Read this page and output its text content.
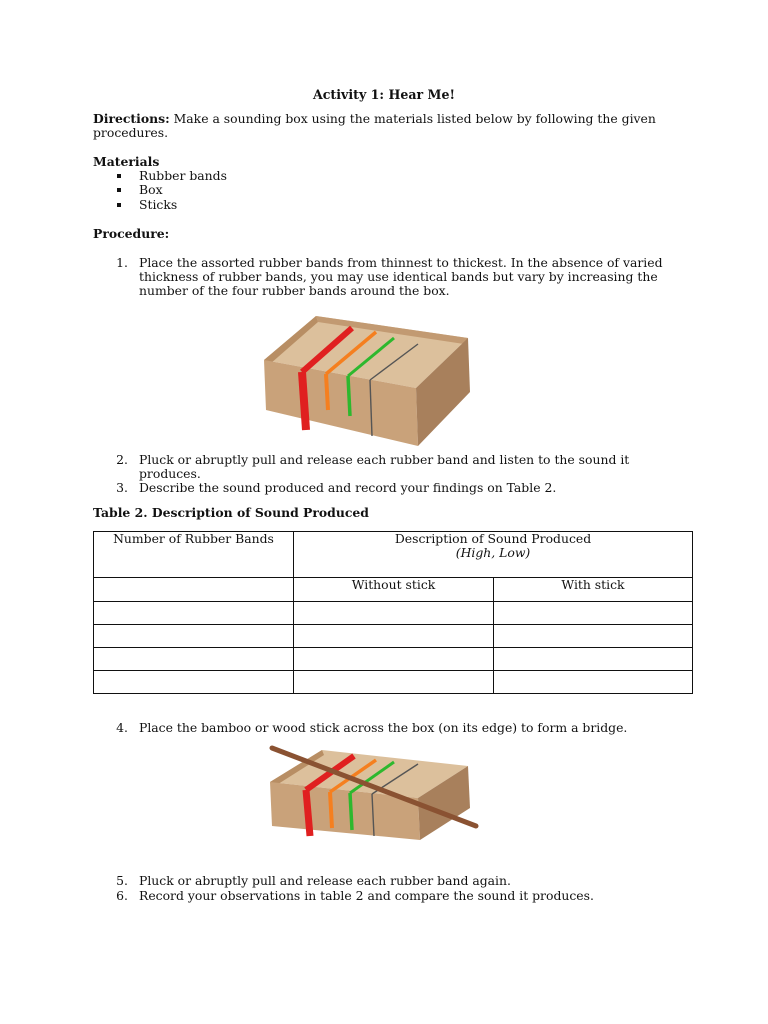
Activity 1: Hear Me!
Directions: Make a sounding box using the materials listed below by following the given
procedures.
Materials
Rubber bands
Box
Sticks
Procedure:
1. Place the assorted rubber bands from thinnest to thickest. In the absence of varied
thickness of rubber bands, you may use identical bands but vary by increasing the
number of the four rubber bands around the box.
2. Pluck or abruptly pull and release each rubber band and listen to the sound it
produces.
3. Describe the sound produced and record your findings on Table 2.
Table 2. Description of Sound Produced
Number of Rubber Bands	Description of Sound Produced
(High, Low)	

	Without stick	With stick

4. Place the bamboo or wood stick across the box (on its edge) to form a bridge.
5. Pluck or abruptly pull and release each rubber band again.
6. Record your observations in table 2 and compare the sound it produces.
